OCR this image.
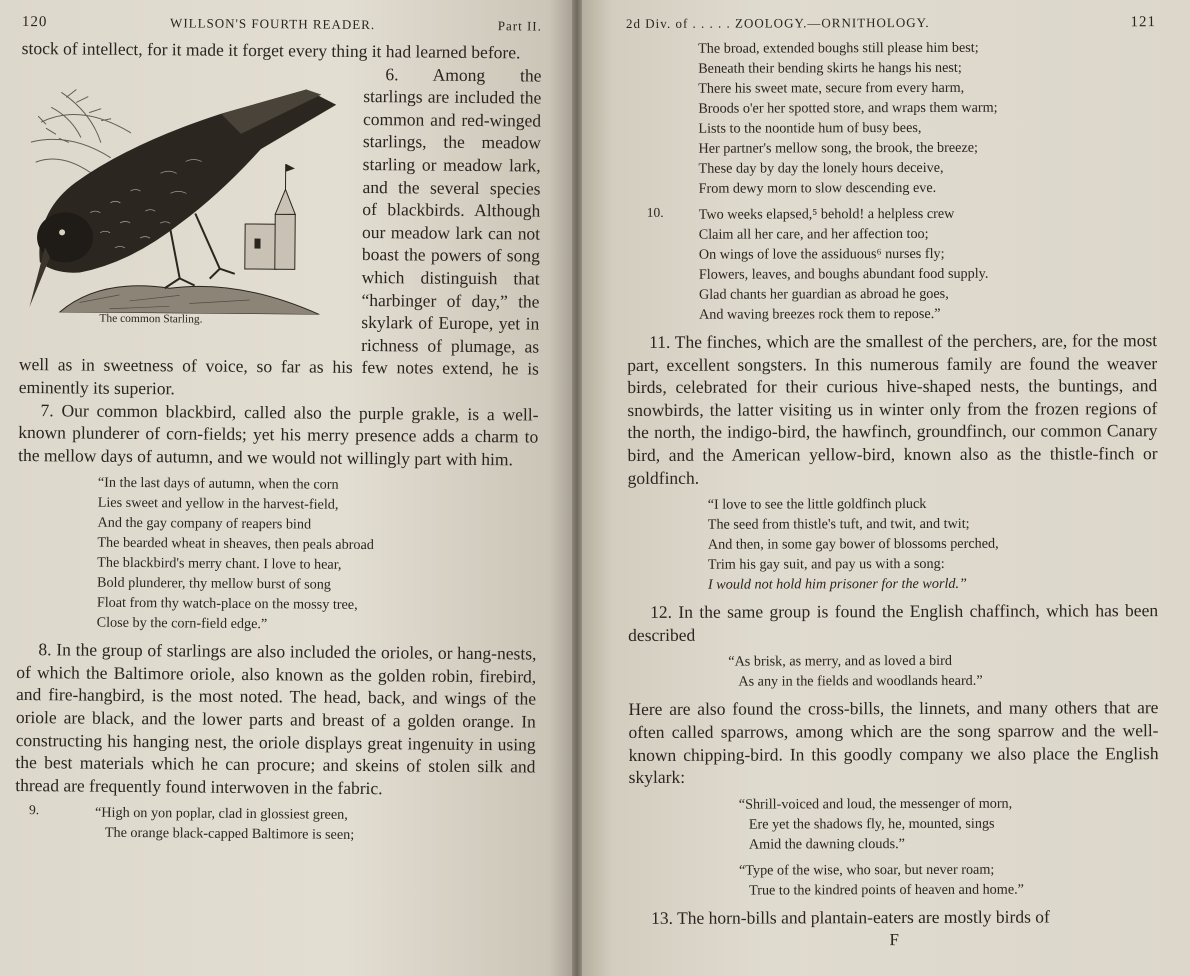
120	WILLSON'S FOURTH READER.	Part II.

stock of intellect, for it made it forget every thing it had learned before.

The common Starling.

6. Among the starlings are included the common and red-winged starlings, the meadow starling or meadow lark, and the several species of blackbirds. Although our meadow lark can not boast the powers of song which distinguish that “harbinger of day,” the skylark of Europe, yet in richness of plumage, as well as in sweetness of voice, so far as his few notes extend, he is eminently its superior.

7. Our common blackbird, called also the purple grakle, is a well-known plunderer of corn-fields; yet his merry presence adds a charm to the mellow days of autumn, and we would not willingly part with him.

“In the last days of autumn, when the corn
Lies sweet and yellow in the harvest-field,
And the gay company of reapers bind
The bearded wheat in sheaves, then peals abroad
The blackbird's merry chant. I love to hear,
Bold plunderer, thy mellow burst of song
Float from thy watch-place on the mossy tree,
Close by the corn-field edge.”

8. In the group of starlings are also included the orioles, or hang-nests, of which the Baltimore oriole, also known as the golden robin, firebird, and fire-hangbird, is the most noted. The head, back, and wings of the oriole are black, and the lower parts and breast of a golden orange. In constructing his hanging nest, the oriole displays great ingenuity in using the best materials which he can procure; and skeins of stolen silk and thread are frequently found interwoven in the fabric.

9.	“High on yon poplar, clad in glossiest green,
The orange black-capped Baltimore is seen;
2d Div. of . . . . . ZOOLOGY.—ORNITHOLOGY.	121
The broad, extended boughs still please him best;
Beneath their bending skirts he hangs his nest;
There his sweet mate, secure from every harm,
Broods o'er her spotted store, and wraps them warm;
Lists to the noontide hum of busy bees,
Her partner's mellow song, the brook, the breeze;
These day by day the lonely hours deceive,
From dewy morn to slow descending eve.
10. Two weeks elapsed,⁵ behold! a helpless crew
Claim all her care, and her affection too;
On wings of love the assiduous⁶ nurses fly;
Flowers, leaves, and boughs abundant food supply.
Glad chants her guardian as abroad he goes,
And waving breezes rock them to repose.”

11. The finches, which are the smallest of the perchers, are, for the most part, excellent songsters. In this numerous family are found the weaver birds, celebrated for their curious hive-shaped nests, the buntings, and snowbirds, the latter visiting us in winter only from the frozen regions of the north, the indigo-bird, the hawfinch, groundfinch, our common Canary bird, and the American yellow-bird, known also as the thistle-finch or goldfinch.

“I love to see the little goldfinch pluck
The seed from thistle's tuft, and twit, and twit;
And then, in some gay bower of blossoms perched,
Trim his gay suit, and pay us with a song:
I would not hold him prisoner for the world.”

12. In the same group is found the English chaffinch, which has been described

“As brisk, as merry, and as loved a bird
As any in the fields and woodlands heard.”

Here are also found the cross-bills, the linnets, and many others that are often called sparrows, among which are the song sparrow and the well-known chipping-bird. In this goodly company we also place the English skylark:

“Shrill-voiced and loud, the messenger of morn,
Ere yet the shadows fly, he, mounted, sings
Amid the dawning clouds.”
“Type of the wise, who soar, but never roam;
True to the kindred points of heaven and home.”

13. The horn-bills and plantain-eaters are mostly birds of

F
